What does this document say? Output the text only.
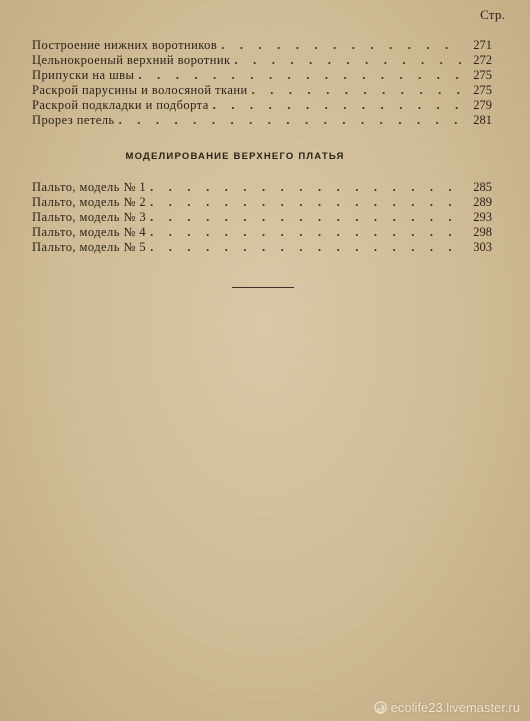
Стр.
Построение нижних воротников . . .	271
Цельнокроеный верхний воротник . . .	272
Припуски на швы . . .	275
Раскрой парусины и волосяной ткани . . .	275
Раскрой подкладки и подборта . . .	279
Прорез петель . . .	281
МОДЕЛИРОВАНИЕ ВЕРХНЕГО ПЛАТЬЯ
Пальто, модель № 1 . . .	285
Пальто, модель № 2 . . .	289
Пальто, модель № 3 . . .	293
Пальто, модель № 4 . . .	298
Пальто, модель № 5 . . .	303
ecolife23.livemaster.ru
